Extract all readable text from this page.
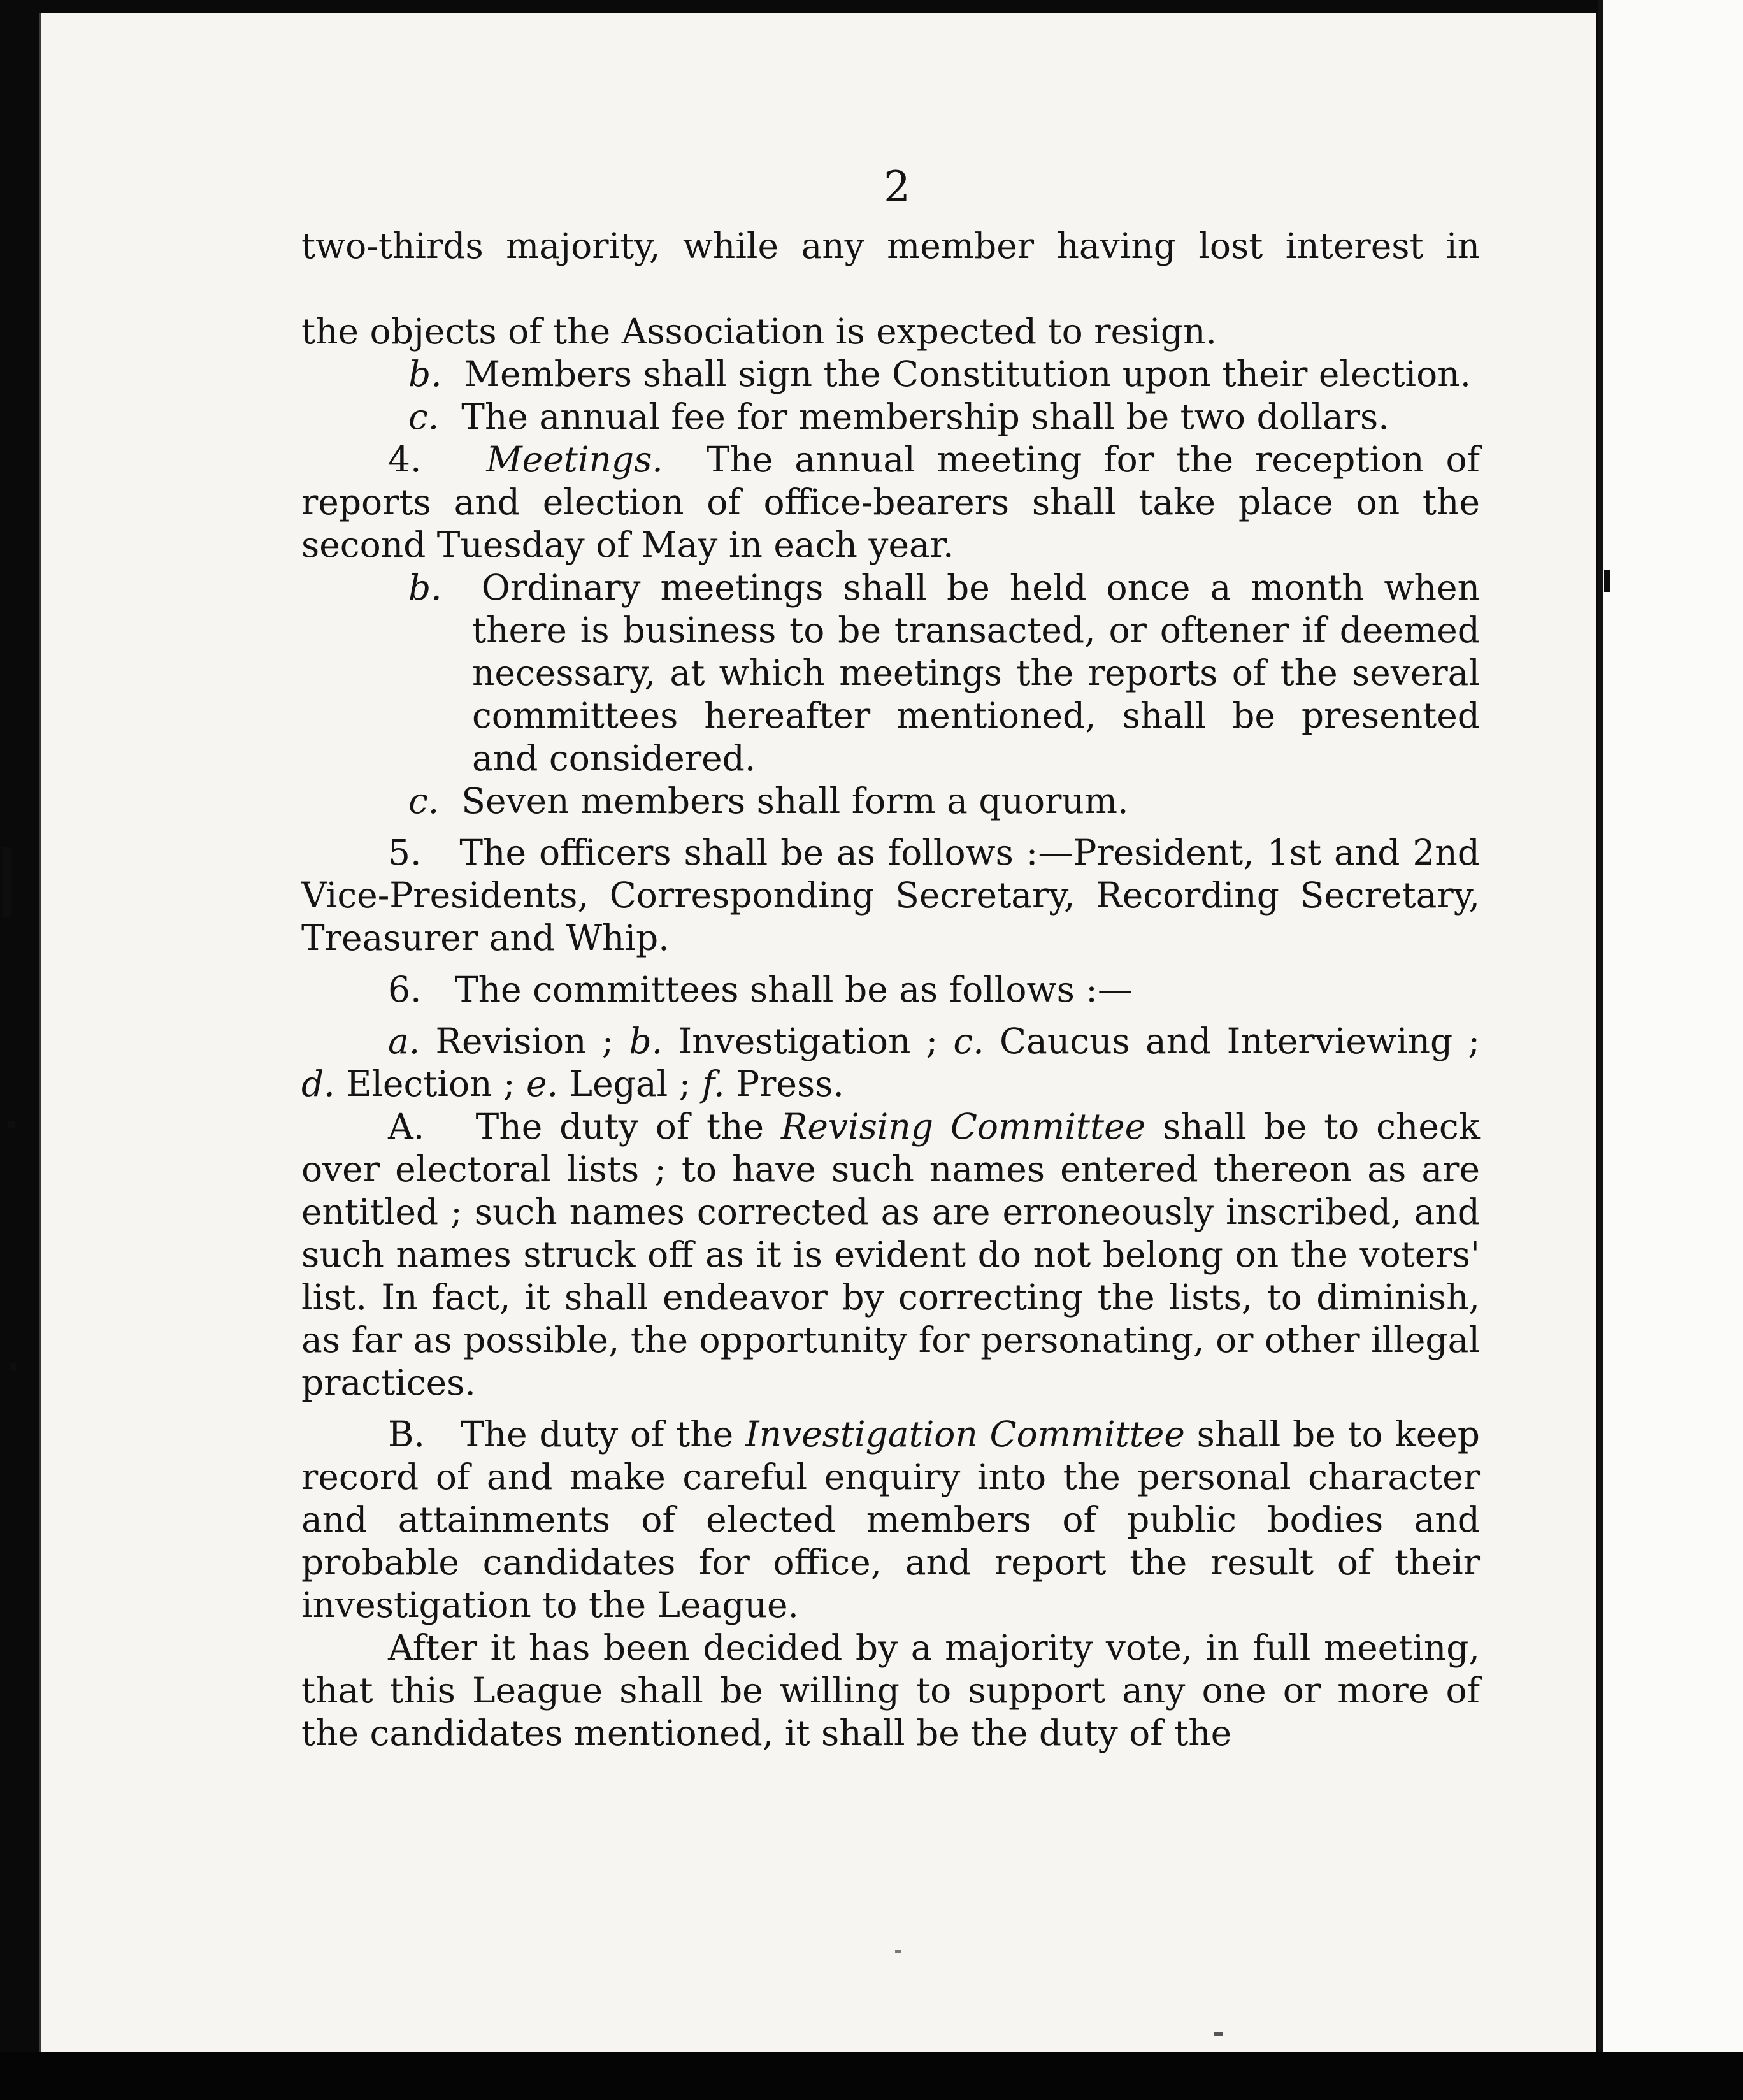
2

two-thirds majority, while any member having lost interest in

the objects of the Association is expected to resign.

b. Members shall sign the Constitution upon their election.

c. The annual fee for membership shall be two dollars.

4. Meetings. The annual meeting for the reception of reports and election of office-bearers shall take place on the second Tuesday of May in each year.

b. Ordinary meetings shall be held once a month when there is business to be transacted, or oftener if deemed necessary, at which meetings the reports of the several committees hereafter mentioned, shall be presented and considered.

c. Seven members shall form a quorum.

5. The officers shall be as follows :—President, 1st and 2nd Vice-Presidents, Corresponding Secretary, Recording Secretary, Treasurer and Whip.

6. The committees shall be as follows :—

a. Revision ; b. Investigation ; c. Caucus and Interviewing ; d. Election ; e. Legal ; f. Press.

A. The duty of the Revising Committee shall be to check over electoral lists ; to have such names entered thereon as are entitled ; such names corrected as are erroneously inscribed, and such names struck off as it is evident do not belong on the voters' list. In fact, it shall endeavor by correcting the lists, to diminish, as far as possible, the opportunity for personating, or other illegal practices.

B. The duty of the Investigation Committee shall be to keep record of and make careful enquiry into the personal character and attainments of elected members of public bodies and probable candidates for office, and report the result of their investigation to the League.

After it has been decided by a majority vote, in full meeting, that this League shall be willing to support any one or more of the candidates mentioned, it shall be the duty of the
